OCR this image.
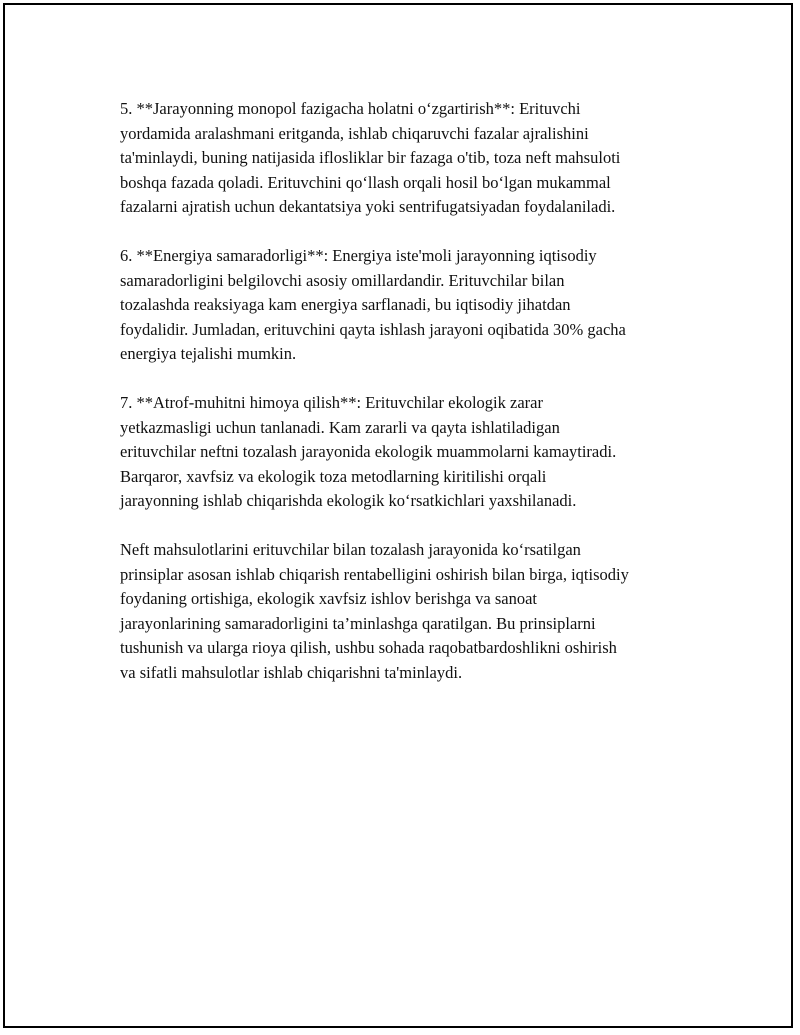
5. **Jarayonning monopol fazigacha holatni o‘zgartirish**: Erituvchi
yordamida aralashmani eritganda, ishlab chiqaruvchi fazalar ajralishini
ta'minlaydi, buning natijasida iflosliklar bir fazaga o'tib, toza neft mahsuloti
boshqa fazada qoladi. Erituvchini qo‘llash orqali hosil bo‘lgan mukammal
fazalarni ajratish uchun dekantatsiya yoki sentrifugatsiyadan foydalaniladi.

6. **Energiya samaradorligi**: Energiya iste'moli jarayonning iqtisodiy
samaradorligini belgilovchi asosiy omillardandir. Erituvchilar bilan
tozalashda reaksiyaga kam energiya sarflanadi, bu iqtisodiy jihatdan
foydalidir. Jumladan, erituvchini qayta ishlash jarayoni oqibatida 30% gacha
energiya tejalishi mumkin.

7. **Atrof-muhitni himoya qilish**: Erituvchilar ekologik zarar
yetkazmasligi uchun tanlanadi. Kam zararli va qayta ishlatiladigan
erituvchilar neftni tozalash jarayonida ekologik muammolarni kamaytiradi.
Barqaror, xavfsiz va ekologik toza metodlarning kiritilishi orqali
jarayonning ishlab chiqarishda ekologik ko‘rsatkichlari yaxshilanadi.

Neft mahsulotlarini erituvchilar bilan tozalash jarayonida ko‘rsatilgan
prinsiplar asosan ishlab chiqarish rentabelligini oshirish bilan birga, iqtisodiy
foydaning ortishiga, ekologik xavfsiz ishlov berishga va sanoat
jarayonlarining samaradorligini ta’minlashga qaratilgan. Bu prinsiplarni
tushunish va ularga rioya qilish, ushbu sohada raqobatbardoshlikni oshirish
va sifatli mahsulotlar ishlab chiqarishni ta'minlaydi.
